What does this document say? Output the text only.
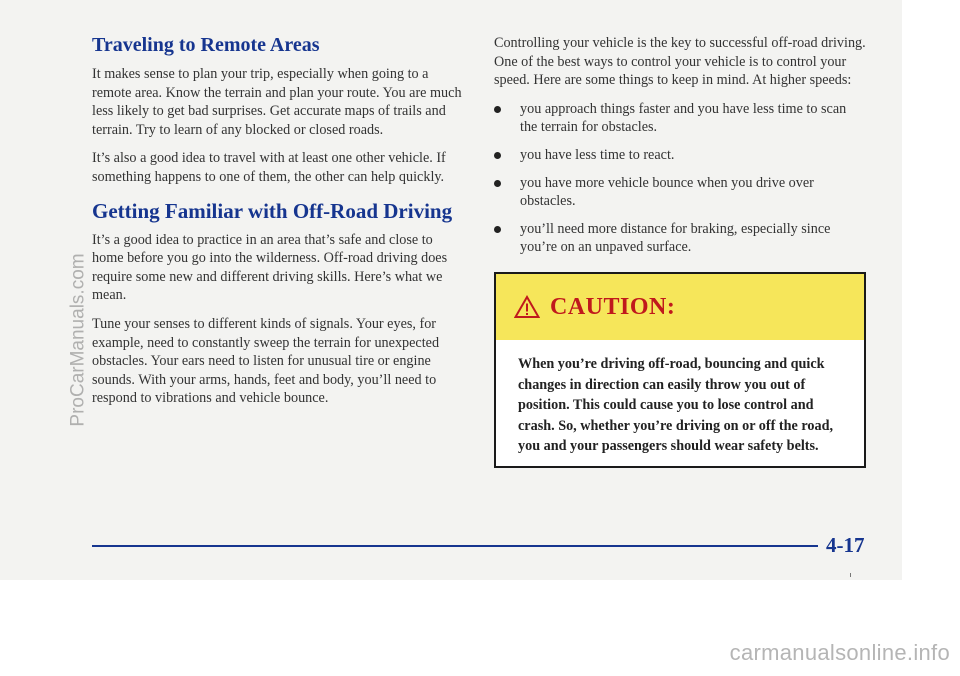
Traveling to Remote Areas

It makes sense to plan your trip, especially when going to a remote area. Know the terrain and plan your route. You are much less likely to get bad surprises. Get accurate maps of trails and terrain. Try to learn of any blocked or closed roads.

It’s also a good idea to travel with at least one other vehicle. If something happens to one of them, the other can help quickly.

Getting Familiar with Off-Road Driving

It’s a good idea to practice in an area that’s safe and close to home before you go into the wilderness. Off-road driving does require some new and different driving skills. Here’s what we mean.

Tune your senses to different kinds of signals. Your eyes, for example, need to constantly sweep the terrain for unexpected obstacles. Your ears need to listen for unusual tire or engine sounds. With your arms, hands, feet and body, you’ll need to respond to vibrations and vehicle bounce.

Controlling your vehicle is the key to successful off-road driving. One of the best ways to control your vehicle is to control your speed. Here are some things to keep in mind. At higher speeds:

you approach things faster and you have less time to scan the terrain for obstacles.
you have less time to react.
you have more vehicle bounce when you drive over obstacles.
you’ll need more distance for braking, especially since you’re on an unpaved surface.
CAUTION:
When you’re driving off-road, bouncing and quick changes in direction can easily throw you out of position. This could cause you to lose control and crash. So, whether you’re driving on or off the road, you and your passengers should wear safety belts.
4-17
ProCarManuals.com
carmanualsonline.info
